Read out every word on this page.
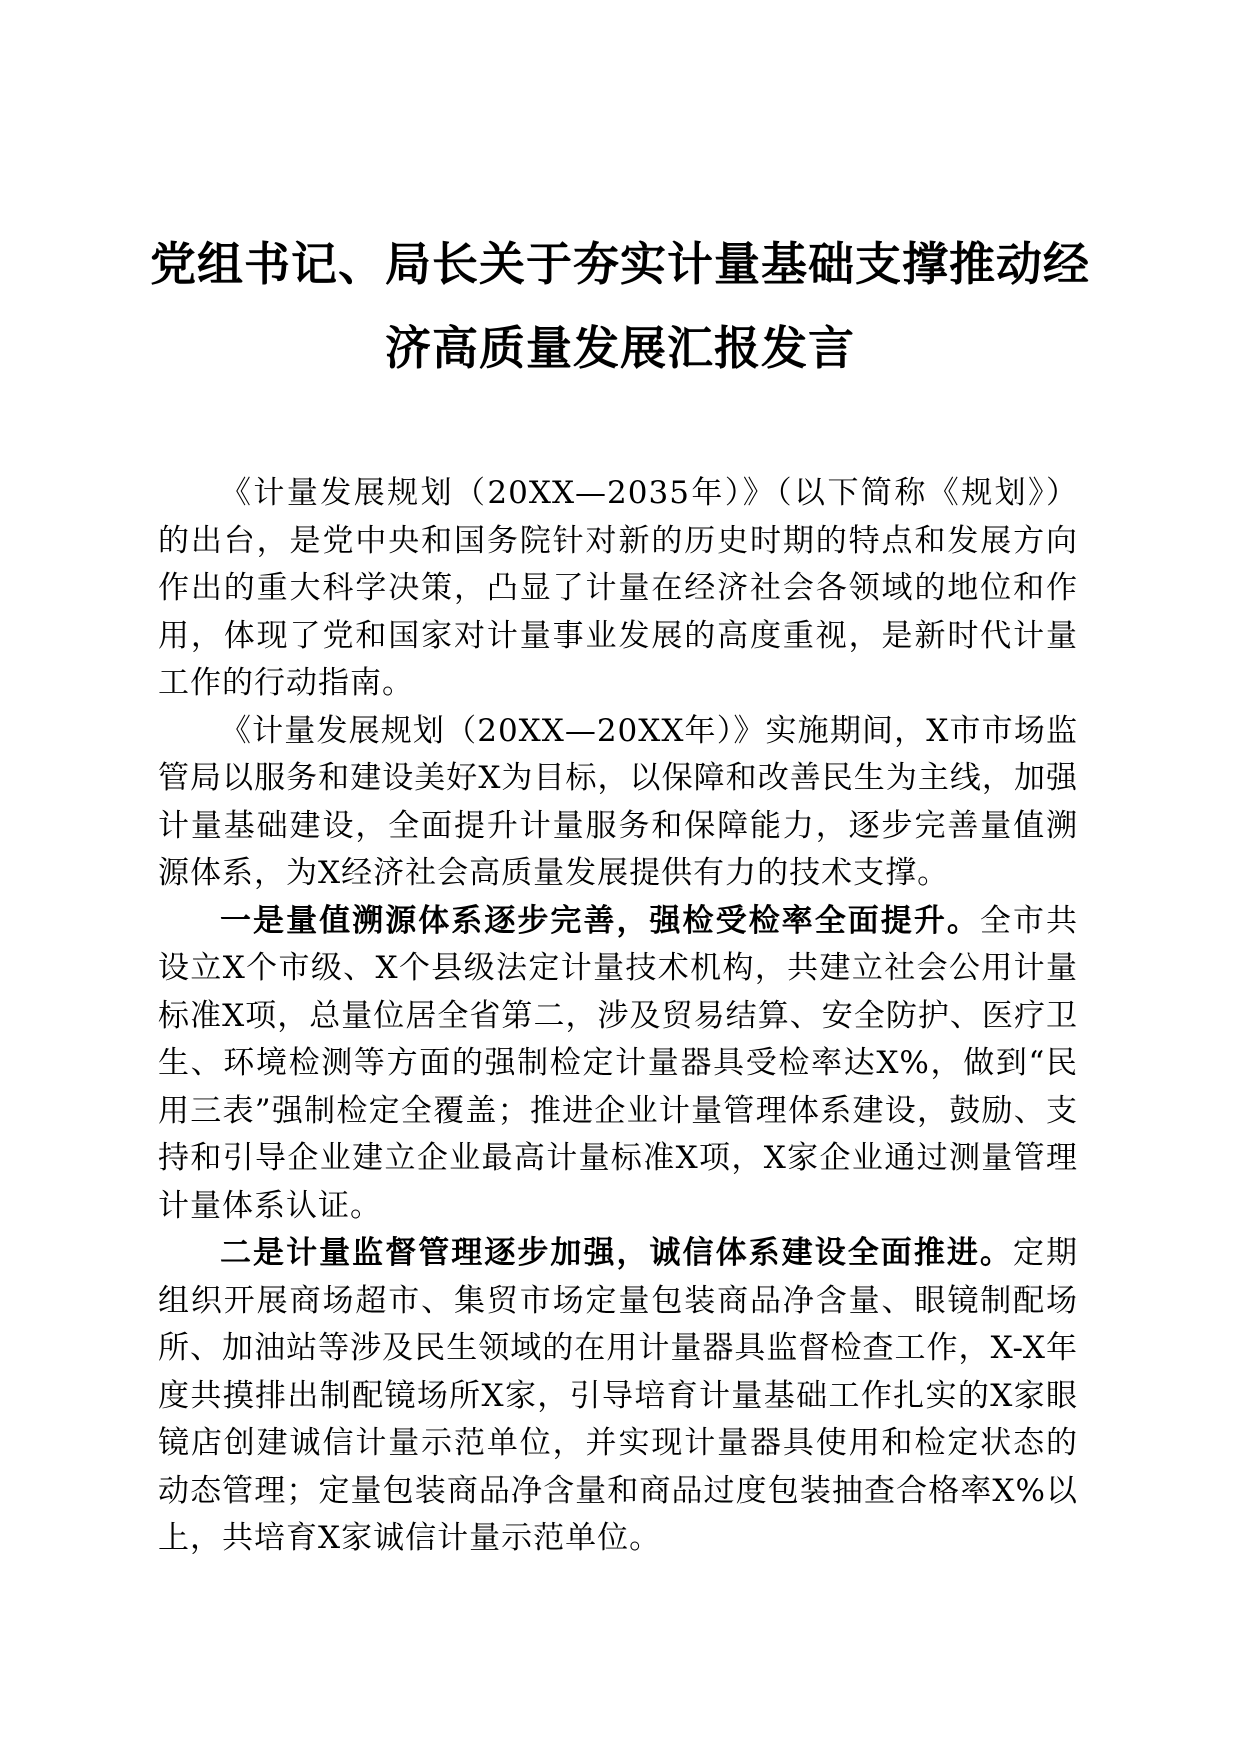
党组书记、局长关于夯实计量基础支撑推动经
济高质量发展汇报发言

《计量发展规划（20XX—2035年）》（以下简称《规划》）的出台，是党中央和国务院针对新的历史时期的特点和发展方向作出的重大科学决策，凸显了计量在经济社会各领域的地位和作用，体现了党和国家对计量事业发展的高度重视，是新时代计量工作的行动指南。

《计量发展规划（20XX—20XX年）》实施期间，X市市场监管局以服务和建设美好X为目标，以保障和改善民生为主线，加强计量基础建设，全面提升计量服务和保障能力，逐步完善量值溯源体系，为X经济社会高质量发展提供有力的技术支撑。

一是量值溯源体系逐步完善，强检受检率全面提升。全市共设立X个市级、X个县级法定计量技术机构，共建立社会公用计量标准X项，总量位居全省第二，涉及贸易结算、安全防护、医疗卫生、环境检测等方面的强制检定计量器具受检率达X%，做到“民用三表”强制检定全覆盖；推进企业计量管理体系建设，鼓励、支持和引导企业建立企业最高计量标准X项，X家企业通过测量管理计量体系认证。

二是计量监督管理逐步加强，诚信体系建设全面推进。定期组织开展商场超市、集贸市场定量包装商品净含量、眼镜制配场所、加油站等涉及民生领域的在用计量器具监督检查工作，X-X年度共摸排出制配镜场所X家，引导培育计量基础工作扎实的X家眼镜店创建诚信计量示范单位，并实现计量器具使用和检定状态的动态管理；定量包装商品净含量和商品过度包装抽查合格率X%以上，共培育X家诚信计量示范单位。
